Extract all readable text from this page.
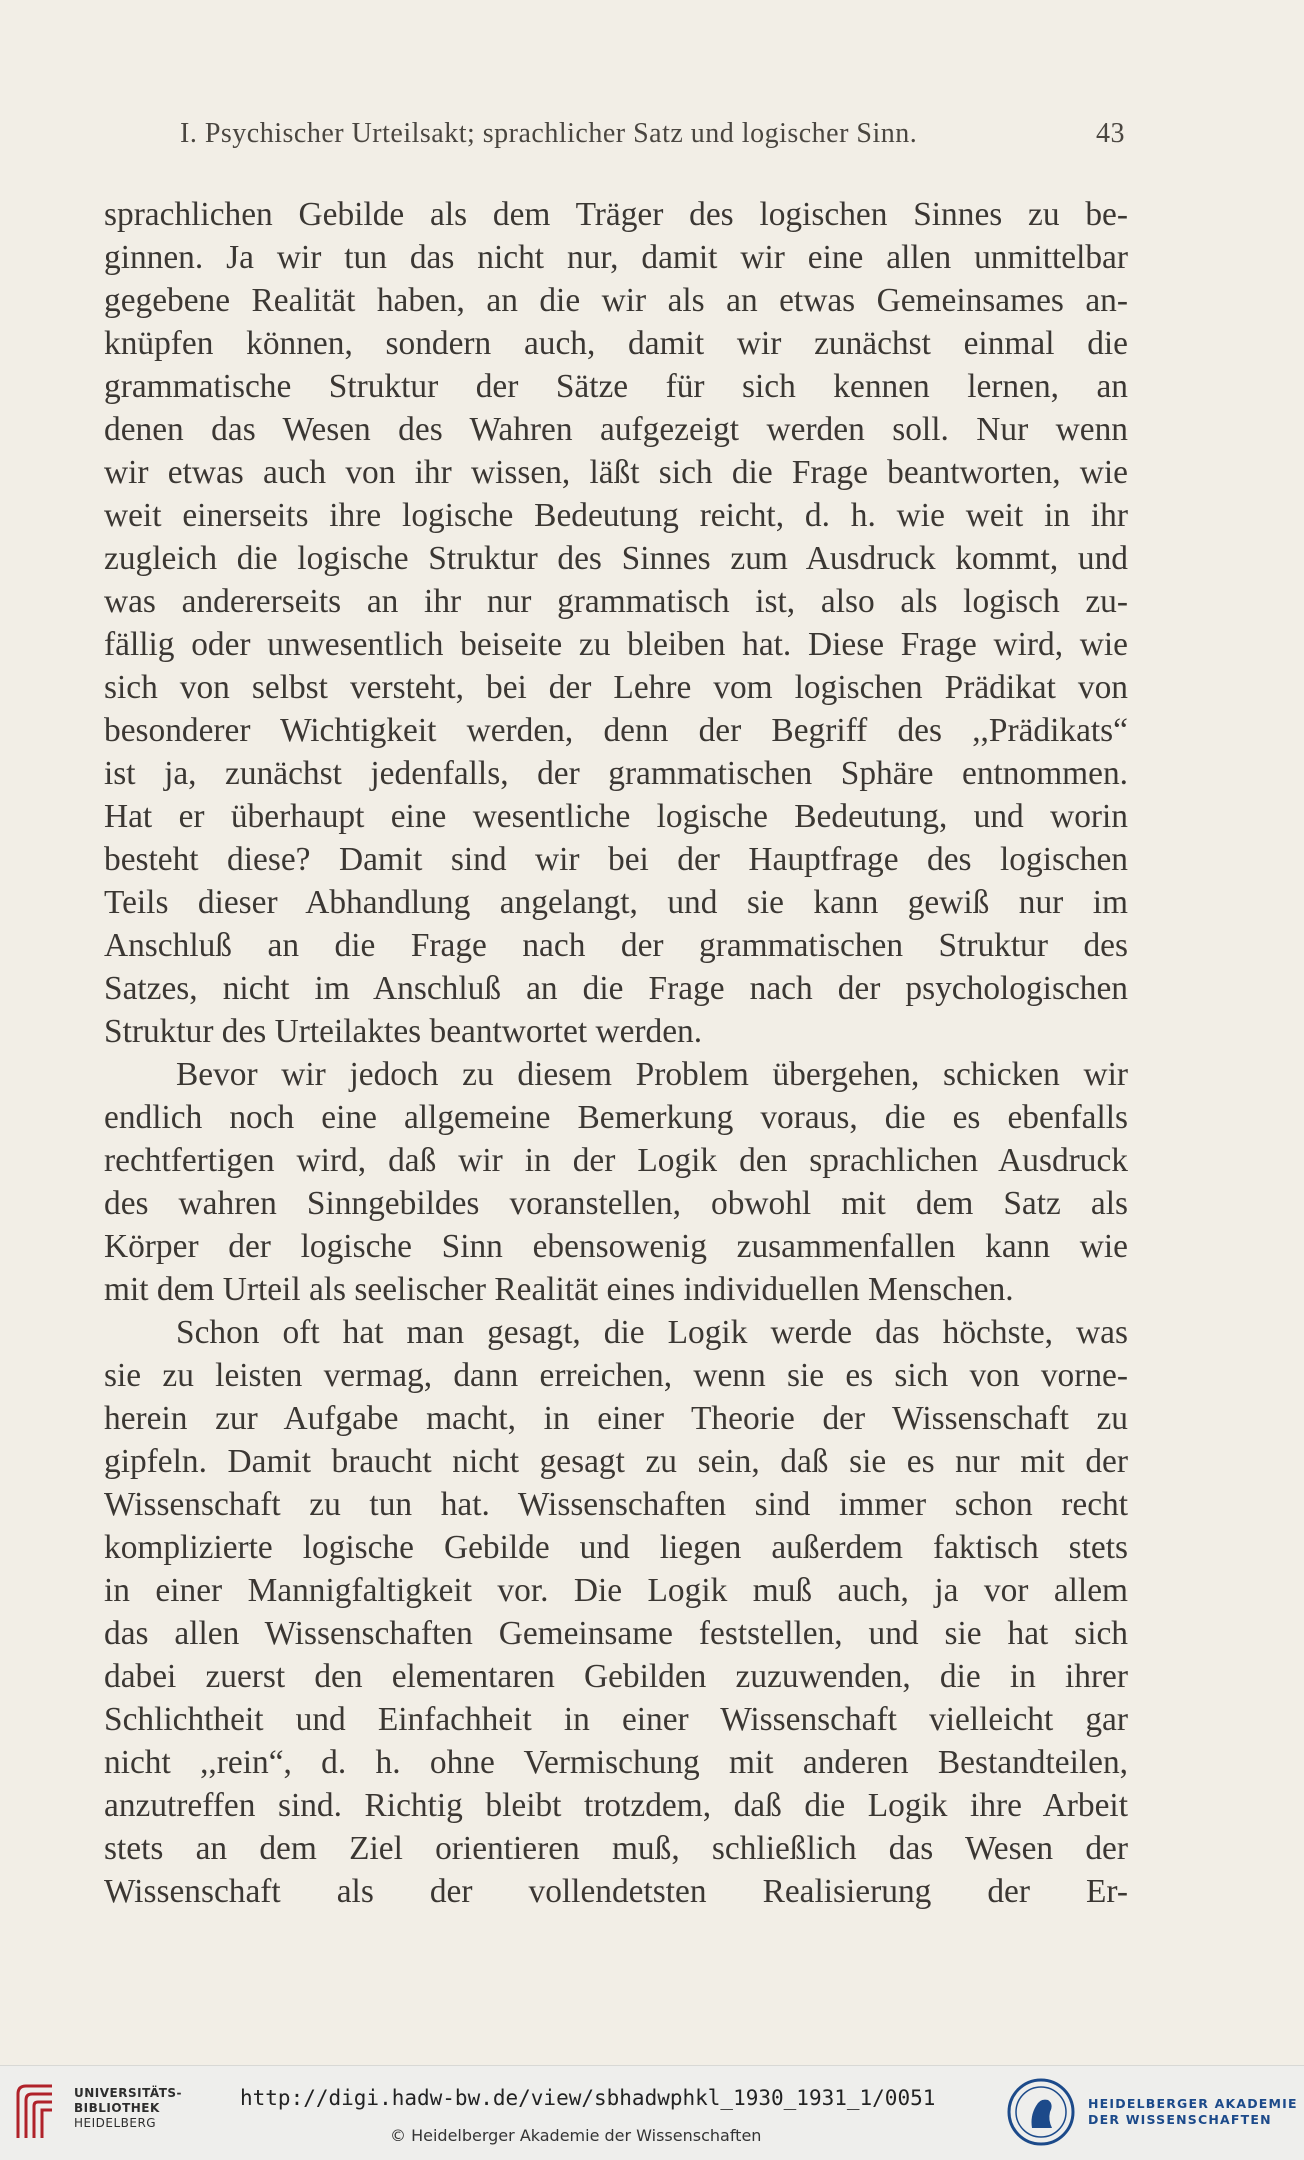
I. Psychischer Urteilsakt; sprachlicher Satz und logischer Sinn.	43
sprachlichen Gebilde als dem Träger des logischen Sinnes zu be-
ginnen. Ja wir tun das nicht nur, damit wir eine allen unmittelbar
gegebene Realität haben, an die wir als an etwas Gemeinsames an-
knüpfen können, sondern auch, damit wir zunächst einmal die
grammatische Struktur der Sätze für sich kennen lernen, an
denen das Wesen des Wahren aufgezeigt werden soll. Nur wenn
wir etwas auch von ihr wissen, läßt sich die Frage beantworten, wie
weit einerseits ihre logische Bedeutung reicht, d. h. wie weit in ihr
zugleich die logische Struktur des Sinnes zum Ausdruck kommt, und
was andererseits an ihr nur grammatisch ist, also als logisch zu-
fällig oder unwesentlich beiseite zu bleiben hat. Diese Frage wird, wie
sich von selbst versteht, bei der Lehre vom logischen Prädikat von
besonderer Wichtigkeit werden, denn der Begriff des ,,Prädikats“
ist ja, zunächst jedenfalls, der grammatischen Sphäre entnommen.
Hat er überhaupt eine wesentliche logische Bedeutung, und worin
besteht diese? Damit sind wir bei der Hauptfrage des logischen
Teils dieser Abhandlung angelangt, und sie kann gewiß nur im
Anschluß an die Frage nach der grammatischen Struktur des
Satzes, nicht im Anschluß an die Frage nach der psychologischen
Struktur des Urteilaktes beantwortet werden.
Bevor wir jedoch zu diesem Problem übergehen, schicken wir
endlich noch eine allgemeine Bemerkung voraus, die es ebenfalls
rechtfertigen wird, daß wir in der Logik den sprachlichen Ausdruck
des wahren Sinngebildes voranstellen, obwohl mit dem Satz als
Körper der logische Sinn ebensowenig zusammenfallen kann wie
mit dem Urteil als seelischer Realität eines individuellen Menschen.
Schon oft hat man gesagt, die Logik werde das höchste, was
sie zu leisten vermag, dann erreichen, wenn sie es sich von vorne-
herein zur Aufgabe macht, in einer Theorie der Wissenschaft zu
gipfeln. Damit braucht nicht gesagt zu sein, daß sie es nur mit der
Wissenschaft zu tun hat. Wissenschaften sind immer schon recht
komplizierte logische Gebilde und liegen außerdem faktisch stets
in einer Mannigfaltigkeit vor. Die Logik muß auch, ja vor allem
das allen Wissenschaften Gemeinsame feststellen, und sie hat sich
dabei zuerst den elementaren Gebilden zuzuwenden, die in ihrer
Schlichtheit und Einfachheit in einer Wissenschaft vielleicht gar
nicht ,,rein“, d. h. ohne Vermischung mit anderen Bestandteilen,
anzutreffen sind. Richtig bleibt trotzdem, daß die Logik ihre Arbeit
stets an dem Ziel orientieren muß, schließlich das Wesen der
Wissenschaft als der vollendetsten Realisierung der Er-
UNIVERSITÄTS-
BIBLIOTHEK
HEIDELBERG
http://digi.hadw-bw.de/view/sbhadwphkl_1930_1931_1/0051
© Heidelberger Akademie der Wissenschaften
HEIDELBERGER AKADEMIE
DER WISSENSCHAFTEN
